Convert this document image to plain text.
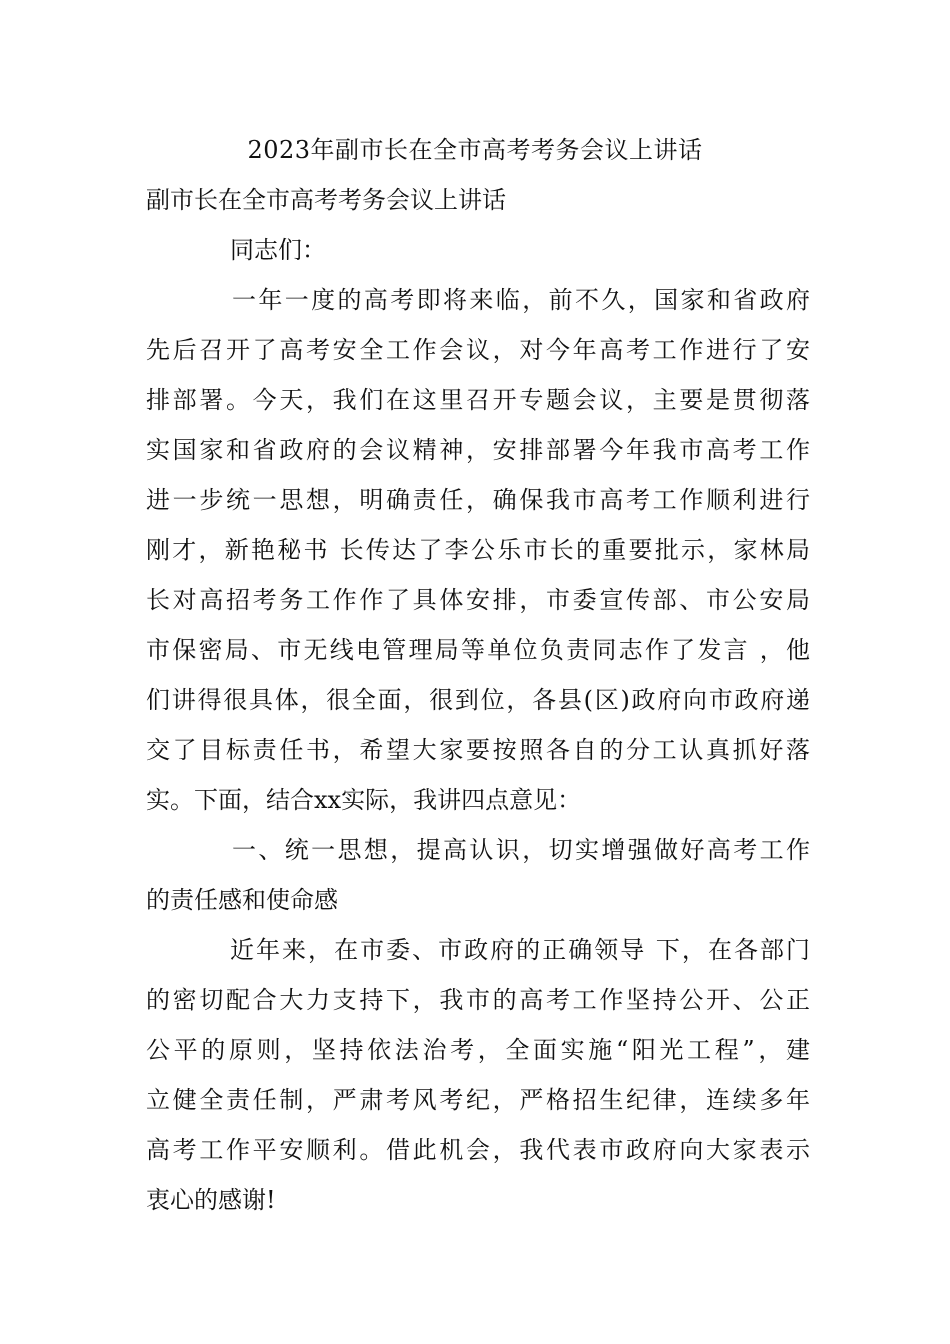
2023年副市长在全市高考考务会议上讲话
副市长在全市高考考务会议上讲话

同志们：

一年一度的高考即将来临，前不久，国家和省政府

先后召开了高考安全工作会议，对今年高考工作进行了安

排部署。今天，我们在这里召开专题会议，主要是贯彻落

实国家和省政府的会议精神，安排部署今年我市高考工作

进一步统一思想，明确责任，确保我市高考工作顺利进行

刚才，新艳秘书 长传达了李公乐市长的重要批示，家林局

长对高招考务工作作了具体安排，市委宣传部、市公安局

市保密局、市无线电管理局等单位负责同志作了发言 ，他

们讲得很具体，很全面，很到位，各县(区)政府向市政府递

交了目标责任书，希望大家要按照各自的分工认真抓好落

实。下面，结合xx实际，我讲四点意见：

一、统一思想，提高认识，切实增强做好高考工作

的责任感和使命感

近年来，在市委、市政府的正确领导 下，在各部门

的密切配合大力支持下，我市的高考工作坚持公开、公正

公平的原则，坚持依法治考，全面实施“阳光工程”，建

立健全责任制，严肃考风考纪，严格招生纪律，连续多年

高考工作平安顺利。借此机会，我代表市政府向大家表示

衷心的感谢!
